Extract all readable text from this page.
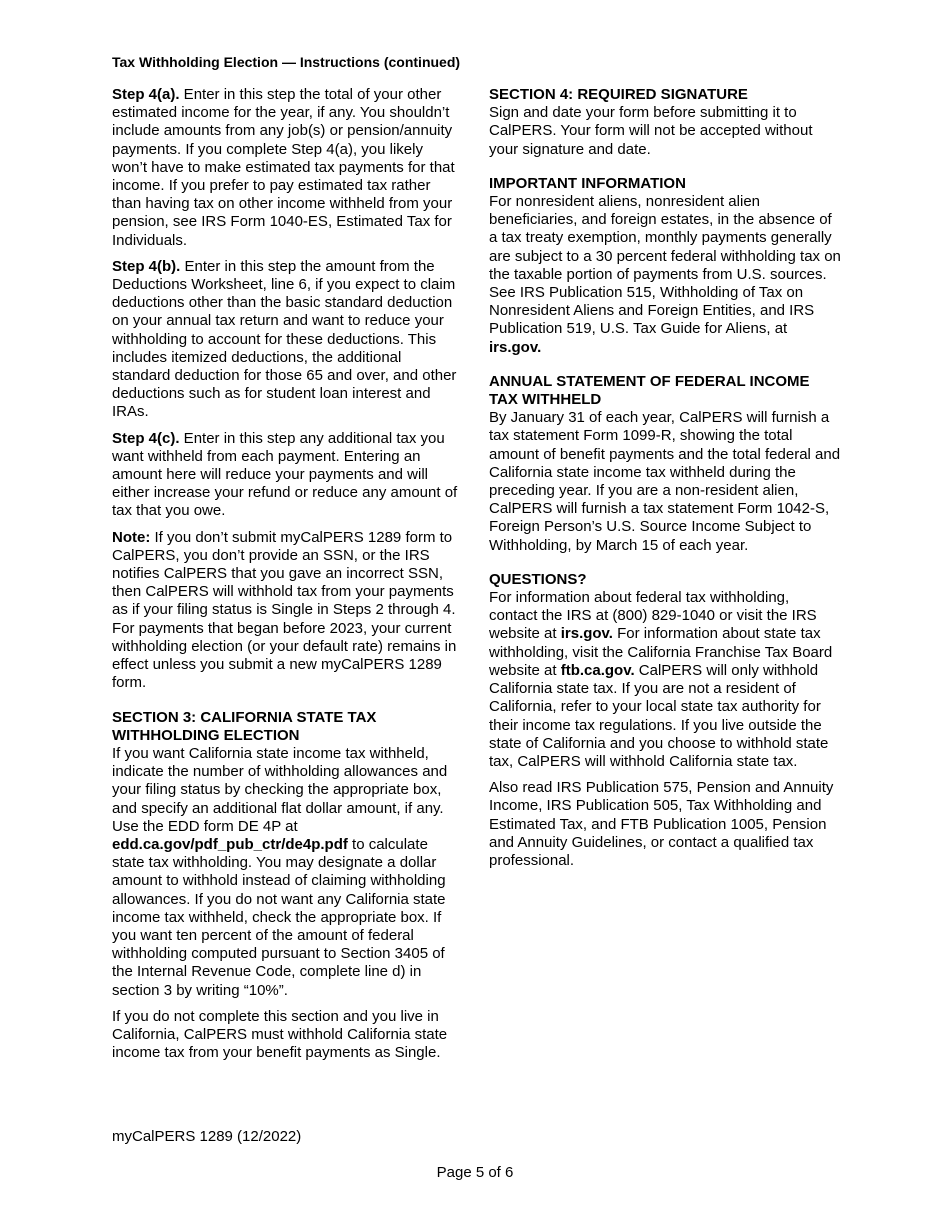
Tax Withholding Election — Instructions (continued)

Step 4(a). Enter in this step the total of your other estimated income for the year, if any. You shouldn’t include amounts from any job(s) or pension/annuity payments. If you complete Step 4(a), you likely won’t have to make estimated tax payments for that income. If you prefer to pay estimated tax rather than having tax on other income withheld from your pension, see IRS Form 1040-ES, Estimated Tax for Individuals.

Step 4(b). Enter in this step the amount from the Deductions Worksheet, line 6, if you expect to claim deductions other than the basic standard deduction on your annual tax return and want to reduce your withholding to account for these deductions. This includes itemized deductions, the additional standard deduction for those 65 and over, and other deductions such as for student loan interest and IRAs.

Step 4(c). Enter in this step any additional tax you want withheld from each payment. Entering an amount here will reduce your payments and will either increase your refund or reduce any amount of tax that you owe.

Note: If you don’t submit myCalPERS 1289 form to CalPERS, you don’t provide an SSN, or the IRS notifies CalPERS that you gave an incorrect SSN, then CalPERS will withhold tax from your payments as if your filing status is Single in Steps 2 through 4. For payments that began before 2023, your current withholding election (or your default rate) remains in effect unless you submit a new myCalPERS 1289 form.

SECTION 3: CALIFORNIA STATE TAX WITHHOLDING ELECTION

If you want California state income tax withheld, indicate the number of withholding allowances and your filing status by checking the appropriate box, and specify an additional flat dollar amount, if any. Use the EDD form DE 4P at edd.ca.gov/pdf_pub_ctr/de4p.pdf to calculate state tax withholding. You may designate a dollar amount to withhold instead of claiming withholding allowances. If you do not want any California state income tax withheld, check the appropriate box. If you want ten percent of the amount of federal withholding computed pursuant to Section 3405 of the Internal Revenue Code, complete line d) in section 3 by writing “10%”.

If you do not complete this section and you live in California, CalPERS must withhold California state income tax from your benefit payments as Single.

SECTION 4: REQUIRED SIGNATURE

Sign and date your form before submitting it to CalPERS. Your form will not be accepted without your signature and date.

IMPORTANT INFORMATION

For nonresident aliens, nonresident alien beneficiaries, and foreign estates, in the absence of a tax treaty exemption, monthly payments generally are subject to a 30 percent federal withholding tax on the taxable portion of payments from U.S. sources. See IRS Publication 515, Withholding of Tax on Nonresident Aliens and Foreign Entities, and IRS Publication 519, U.S. Tax Guide for Aliens, at irs.gov.

ANNUAL STATEMENT OF FEDERAL INCOME TAX WITHHELD

By January 31 of each year, CalPERS will furnish a tax statement Form 1099-R, showing the total amount of benefit payments and the total federal and California state income tax withheld during the preceding year. If you are a non-resident alien, CalPERS will furnish a tax statement Form 1042-S, Foreign Person’s U.S. Source Income Subject to Withholding, by March 15 of each year.

QUESTIONS?

For information about federal tax withholding, contact the IRS at (800) 829-1040 or visit the IRS website at irs.gov. For information about state tax withholding, visit the California Franchise Tax Board website at ftb.ca.gov. CalPERS will only withhold California state tax. If you are not a resident of California, refer to your local state tax authority for their income tax regulations. If you live outside the state of California and you choose to withhold state tax, CalPERS will withhold California state tax.

Also read IRS Publication 575, Pension and Annuity Income, IRS Publication 505, Tax Withholding and Estimated Tax, and FTB Publication 1005, Pension and Annuity Guidelines, or contact a qualified tax professional.

myCalPERS 1289 (12/2022)
Page 5 of 6
